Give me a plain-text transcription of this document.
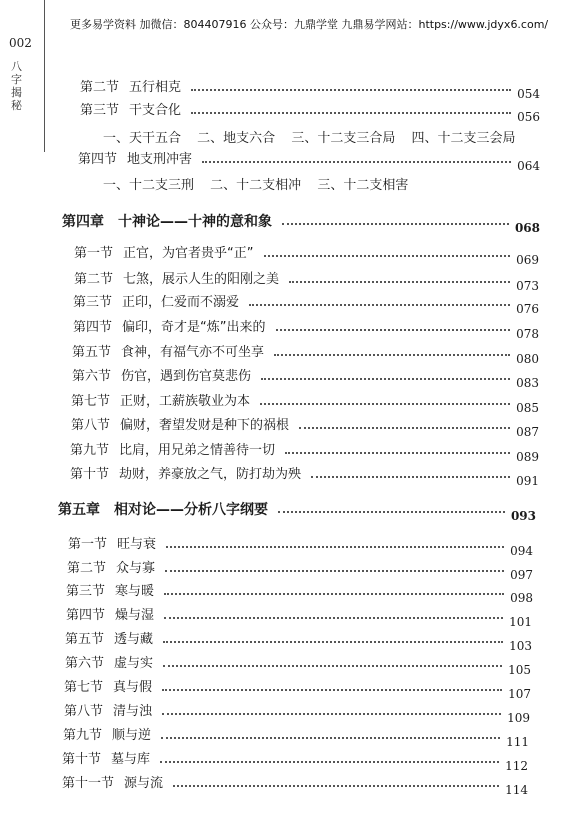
更多易学资料 加微信：804407916 公众号：九鼎学堂 九鼎易学网站：https://www.jdyx6.com/
002
八字揭秘
第二节 五行相克	054
第三节 干支合化	056
一、天干五合 二、地支六合 三、十二支三合局 四、十二支三会局
第四节 地支刑冲害	064
一、十二支三刑 二、十二支相冲 三、十二支相害
第四章 十神论——十神的意和象	068
第一节 正官，为官者贵乎“正”	069
第二节 七煞，展示人生的阳刚之美	073
第三节 正印，仁爱而不溺爱	076
第四节 偏印，奇才是“炼”出来的	078
第五节 食神，有福气亦不可坐享	080
第六节 伤官，遇到伤官莫悲伤	083
第七节 正财，工薪族敬业为本	085
第八节 偏财，奢望发财是种下的祸根	087
第九节 比肩，用兄弟之情善待一切	089
第十节 劫财，养豪放之气，防打劫为殃	091
第五章 相对论——分析八字纲要	093
第一节 旺与衰	094
第二节 众与寡	097
第三节 寒与暖	098
第四节 燥与湿	101
第五节 透与藏	103
第六节 虚与实	105
第七节 真与假	107
第八节 清与浊	109
第九节 顺与逆	111
第十节 墓与库	112
第十一节 源与流	114
